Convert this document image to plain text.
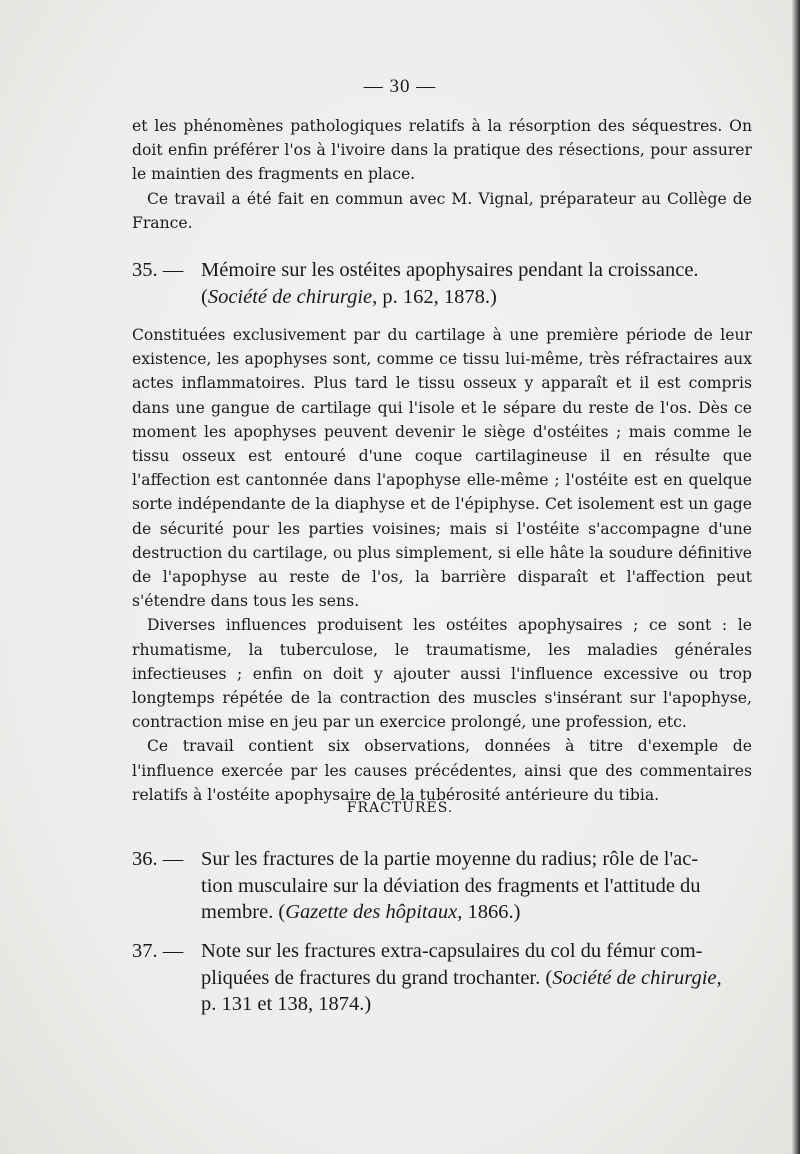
— 30 —

et les phénomènes pathologiques relatifs à la résorption des séquestres. On doit enfin préférer l'os à l'ivoire dans la pratique des résections, pour assurer le maintien des fragments en place.

Ce travail a été fait en commun avec M. Vignal, préparateur au Collège de France.

35. — Mémoire sur les ostéites apophysaires pendant la croissance.
(Société de chirurgie, p. 162, 1878.)

Constituées exclusivement par du cartilage à une première période de leur existence, les apophyses sont, comme ce tissu lui-même, très réfractaires aux actes inflammatoires. Plus tard le tissu osseux y apparaît et il est compris dans une gangue de cartilage qui l'isole et le sépare du reste de l'os. Dès ce moment les apophyses peuvent devenir le siège d'ostéites ; mais comme le tissu osseux est entouré d'une coque cartilagineuse il en résulte que l'affection est cantonnée dans l'apophyse elle-même ; l'ostéite est en quelque sorte indépendante de la diaphyse et de l'épiphyse. Cet isolement est un gage de sécurité pour les parties voisines; mais si l'ostéite s'accompagne d'une destruction du cartilage, ou plus simplement, si elle hâte la soudure définitive de l'apophyse au reste de l'os, la barrière disparaît et l'affection peut s'étendre dans tous les sens.

Diverses influences produisent les ostéites apophysaires ; ce sont : le rhumatisme, la tuberculose, le traumatisme, les maladies générales infectieuses ; enfin on doit y ajouter aussi l'influence excessive ou trop longtemps répétée de la contraction des muscles s'insérant sur l'apophyse, contraction mise en jeu par un exercice prolongé, une profession, etc.

Ce travail contient six observations, données à titre d'exemple de l'influence exercée par les causes précédentes, ainsi que des commentaires relatifs à l'ostéite apophysaire de la tubérosité antérieure du tibia.

FRACTURES.
36. — Sur les fractures de la partie moyenne du radius; rôle de l'ac-
tion musculaire sur la déviation des fragments et l'attitude du
membre. (Gazette des hôpitaux, 1866.)
37. — Note sur les fractures extra-capsulaires du col du fémur com-
pliquées de fractures du grand trochanter. (Société de chirurgie,
p. 131 et 138, 1874.)
